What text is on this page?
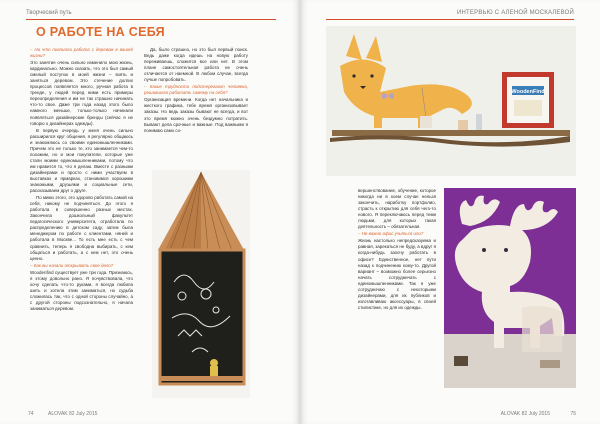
Творческий путь
О РАБОТЕ НА СЕБЯ

– На что повлияла работа с деревом в вашей жизни?

Это занятие очень сильно изменило мою жизнь, кардинально. Можно сказать, что это был самый смелый поступок в моей жизни – взять и заняться деревом. Это стечение долгих процессов появляется много, ручная работа в тренде, у людей перед ними есть примеры переопределения и им не так страшно начинать что-то свое. Даже три года назад этого было намного меньше, только-только начинали появляться дизайнерские бренды (сейчас я не говорю о дизайнерах одежды).

В первую очередь у меня очень сильно расширился круг общения, я регулярно общаюсь и знакомлюсь со своими единомышленниками. Причем это не только те, кто занимается чем-то похожим, но и мои покупатели, которые уже стали моими единомышленниками, потому что им нравится то, что я делаю. Вместе с разными дизайнерами и просто с ними участвуем в выставках и ярмарках, становимся хорошими знакомыми, друзьями и социальные сети, рассказываем друг о друге.

По мимо этого, это здорово работать самой на себя, никому не подчиняться. До этого я работала в совершенно разных местах. Закончила дошкольный факультет педагогического университета, отработала по распределению в детском саду, затем была менеджером по работе с клиентами, няней и работала в Москве... То есть мне есть с чем сравнить, теперь я свободна выбирать, с кем общаться и работать, а с кем нет, это очень ценно.

– Как вы начали открывать свое дело?

Woodenfind существует уже три года. Признаюсь, я этому довольно рано. Я почувствовала, что хочу сделать что-то руками, я всегда любила шить и хотела этим заниматься, но судьба сложилась так, что с одной стороны случайно, а с другой стороны подсознательно, я начала заниматься деревом.

Да, было страшно, но это был первый поиск. Ведь даже когда идешь на новую работу переживаешь, сложится все или нет. В этом плане самостоятельная работа не очень отличается от наемной. В любом случае, всегда лучше попробовать.

– Какие трудности подстерегают человека, решившего работать самому на себя?

Организация времени. Когда нет начальника и жесткого графика, тебе время организовывает заказы. Но ведь заказы бывают не всегда, и вот это время можно очень бездумно потратить. Бывают дела срочные и важные. Под важными я понимаю само со-

74	ALOVAK 82 July 2015
ИНТЕРВЬЮ С АЛЕНОЙ МОСКАЛЕВОЙ
ALOVAK 82 July 2015	75
WoodenFind

вершенствование, обучение, которое никогда ни в коем случае нельзя закончить, наработку портфолио, страсть к открытию для себя чего-то нового. Я переключаюсь перед теми людьми, для которых такая деятельность – обязательная.

– Не важно офис учиться или?

Жизнь настолько непредсказуема и равная, зарекаться не буду, а вдруг я когда-нибудь захочу работать в офисе? Единственное, нет пути назад к подчинению кому-то. Другой вариант – возможно более серьезно начать сотрудничать с единомышленниками. Так я уже сотрудничаю с некоторыми дизайнерами, для их публиков и изготавливаю аксессуары, в своей стилистике, но для их одежды.
